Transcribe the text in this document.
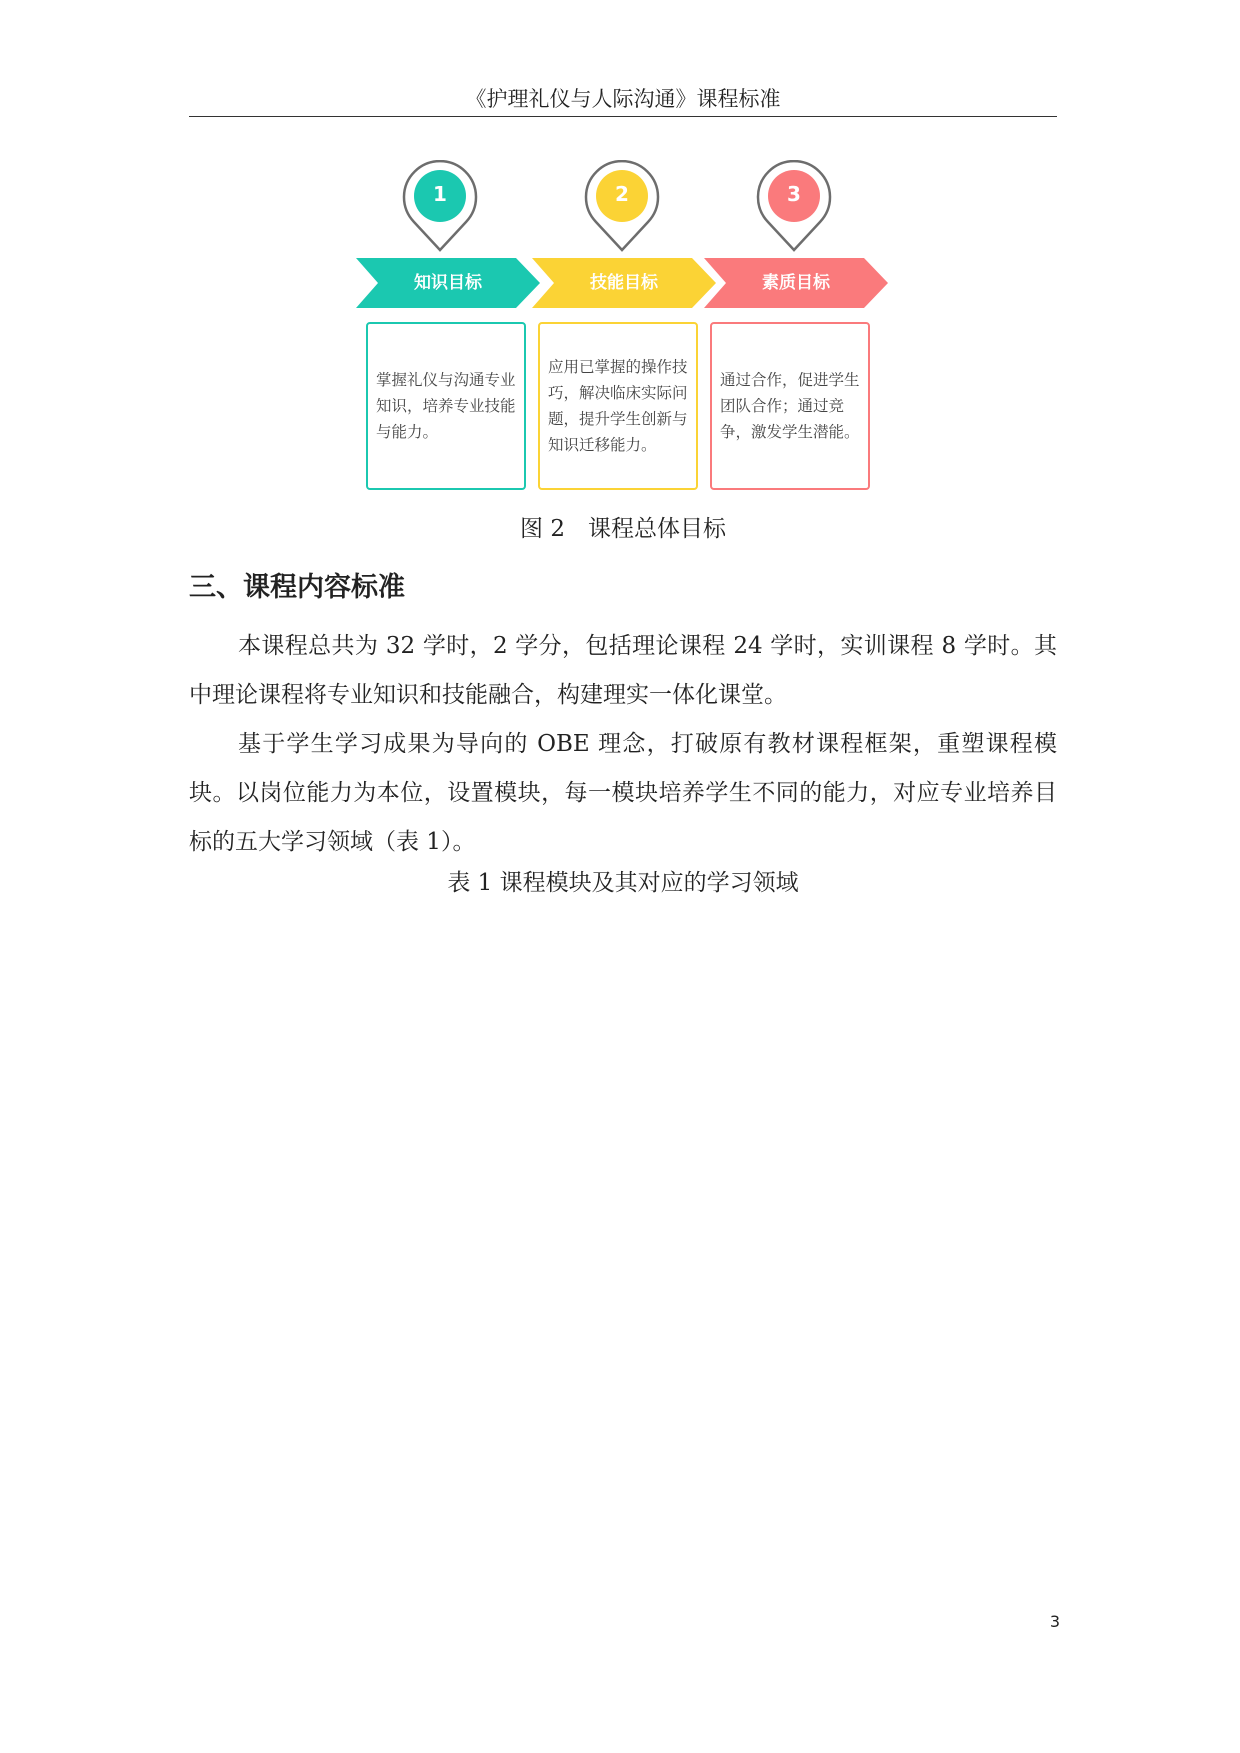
《护理礼仪与人际沟通》课程标准
1	2	3
知识目标	技能目标	素质目标
掌握礼仪与沟通专业知识，培养专业技能与能力。
应用已掌握的操作技巧，解决临床实际问题，提升学生创新与知识迁移能力。
通过合作，促进学生团队合作；通过竞争，激发学生潜能。
图 2　课程总体目标
三、课程内容标准

本课程总共为 32 学时，2 学分，包括理论课程 24 学时，实训课程 8 学时。其中理论课程将专业知识和技能融合，构建理实一体化课堂。

基于学生学习成果为导向的 OBE 理念，打破原有教材课程框架，重塑课程模块。以岗位能力为本位，设置模块，每一模块培养学生不同的能力，对应专业培养目标的五大学习领域（表 1）。

表 1 课程模块及其对应的学习领域
3
